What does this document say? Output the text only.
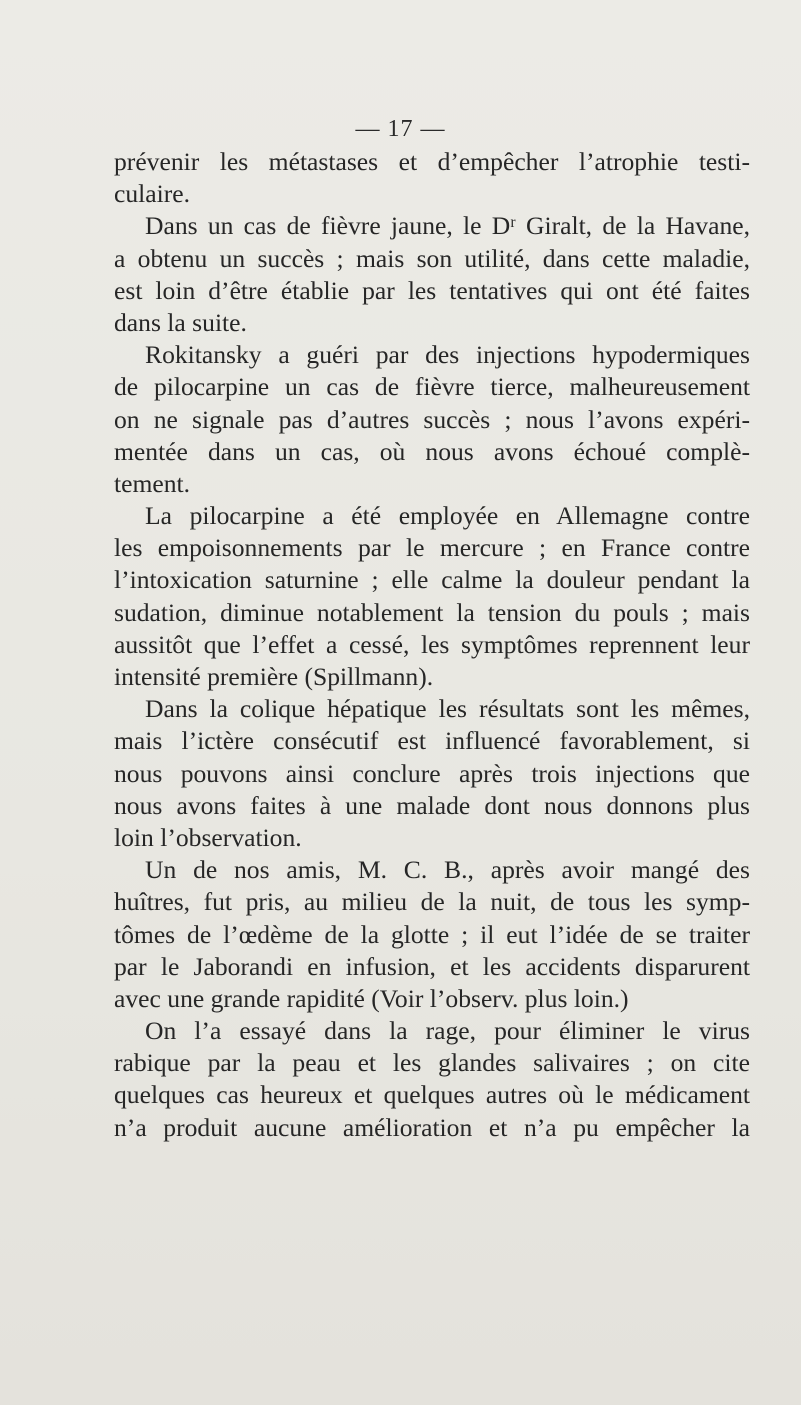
— 17 —
prévenir les métastases et d’empêcher l’atrophie testi-
culaire.
Dans un cas de fièvre jaune, le Dʳ Giralt, de la Havane,
a obtenu un succès ; mais son utilité, dans cette maladie,
est loin d’être établie par les tentatives qui ont été faites
dans la suite.
Rokitansky a guéri par des injections hypodermiques
de pilocarpine un cas de fièvre tierce, malheureusement
on ne signale pas d’autres succès ; nous l’avons expéri-
mentée dans un cas, où nous avons échoué complè-
tement.
La pilocarpine a été employée en Allemagne contre
les empoisonnements par le mercure ; en France contre
l’intoxication saturnine ; elle calme la douleur pendant la
sudation, diminue notablement la tension du pouls ; mais
aussitôt que l’effet a cessé, les symptômes reprennent leur
intensité première (Spillmann).
Dans la colique hépatique les résultats sont les mêmes,
mais l’ictère consécutif est influencé favorablement, si
nous pouvons ainsi conclure après trois injections que
nous avons faites à une malade dont nous donnons plus
loin l’observation.
Un de nos amis, M. C. B., après avoir mangé des
huîtres, fut pris, au milieu de la nuit, de tous les symp-
tômes de l’œdème de la glotte ; il eut l’idée de se traiter
par le Jaborandi en infusion, et les accidents disparurent
avec une grande rapidité (Voir l’observ. plus loin.)
On l’a essayé dans la rage, pour éliminer le virus
rabique par la peau et les glandes salivaires ; on cite
quelques cas heureux et quelques autres où le médicament
n’a produit aucune amélioration et n’a pu empêcher la
